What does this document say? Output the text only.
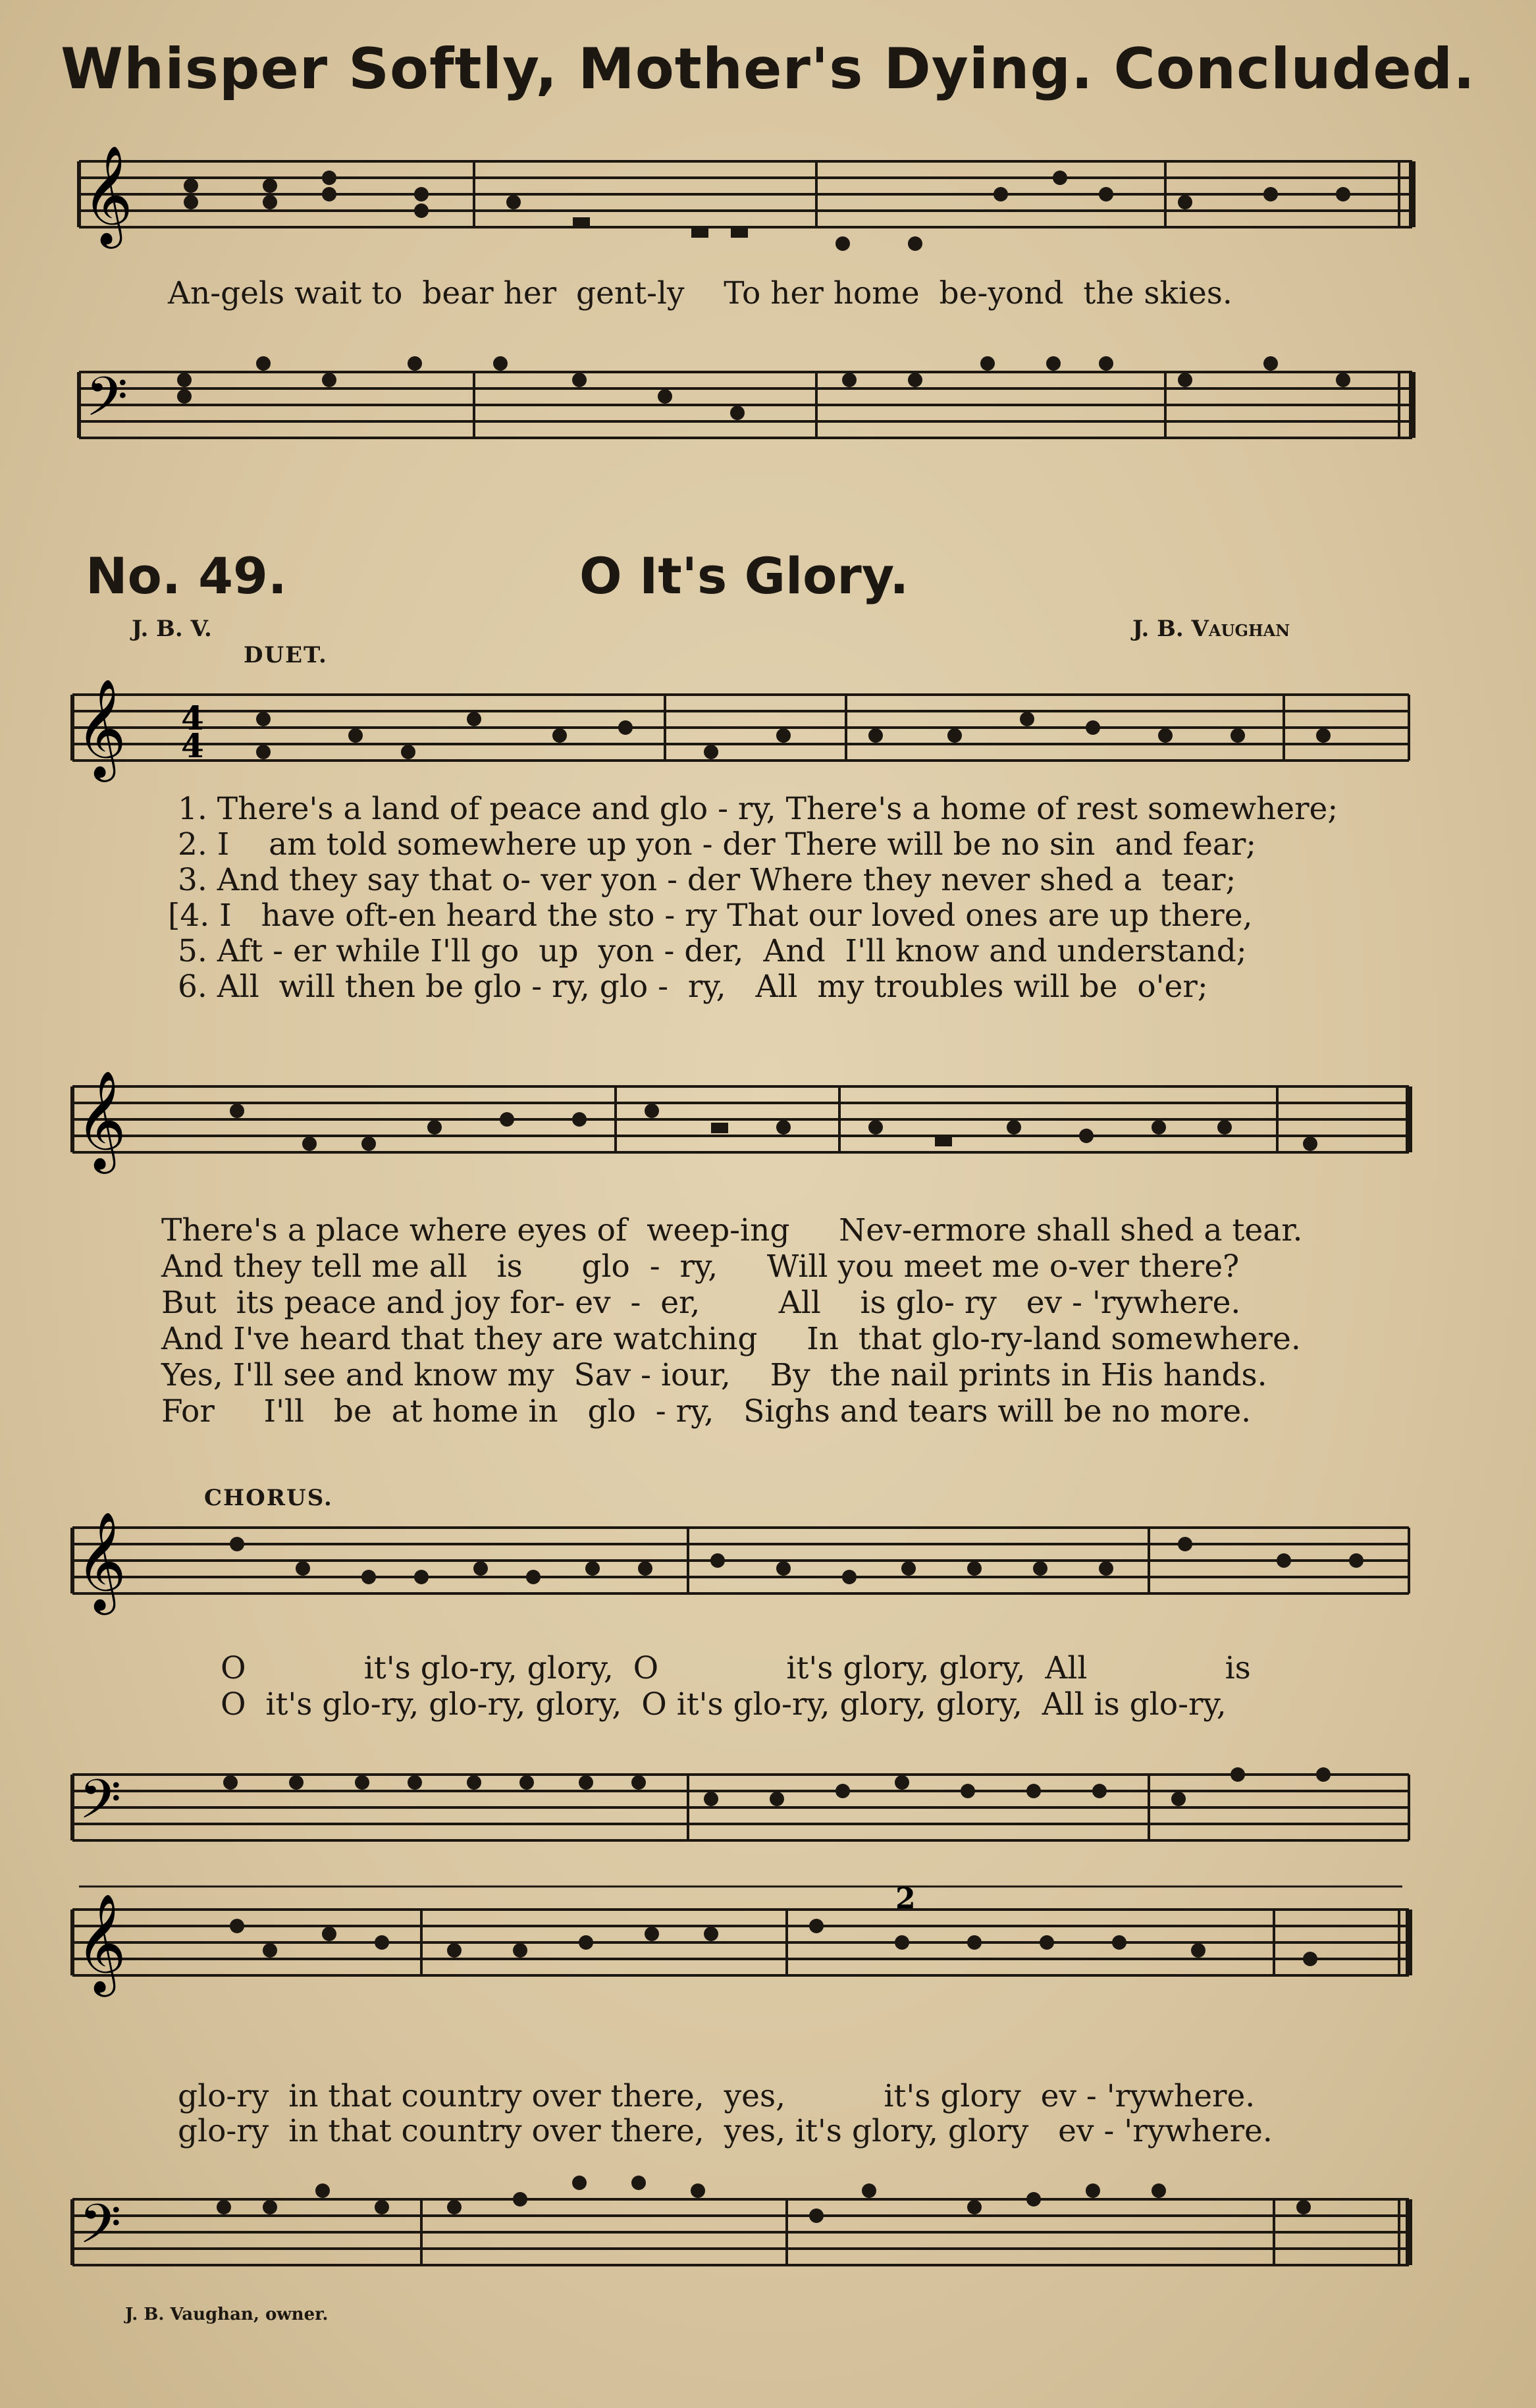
Whisper Softly, Mother's Dying. Concluded.
𝄞
An-gels wait to  bear her  gent-ly    To her home  be-yond  the skies.
𝄢
No. 49.	O It's Glory.
J. B. V.	J. B. Vaughan
DUET.
𝄞 4
4
1. There's a land of peace and glo - ry, There's a home of rest somewhere;
2. I    am told somewhere up yon - der There will be no sin  and fear;
3. And they say that o- ver yon - der Where they never shed a  tear;
[4. I   have oft-en heard the sto - ry That our loved ones are up there,
5. Aft - er while I'll go  up  yon - der,  And  I'll know and understand;
6. All  will then be glo - ry, glo -  ry,   All  my troubles will be  o'er;
𝄞
There's a place where eyes of  weep-ing     Nev-ermore shall shed a tear.
And they tell me all   is      glo  -  ry,     Will you meet me o-ver there?
But  its peace and joy for- ev  -  er,        All    is glo- ry   ev - 'rywhere.
And I've heard that they are watching     In  that glo-ry-land somewhere.
Yes, I'll see and know my  Sav - iour,    By  the nail prints in His hands.
For     I'll   be  at home in   glo  - ry,   Sighs and tears will be no more.
CHORUS.
𝄞
O            it's glo-ry, glory,  O             it's glory, glory,  All              is
O  it's glo-ry, glo-ry, glory,  O it's glo-ry, glory, glory,  All is glo-ry,
𝄢
2
𝄞
glo-ry  in that country over there,  yes,          it's glory  ev - 'rywhere.
glo-ry  in that country over there,  yes, it's glory, glory   ev - 'rywhere.
𝄢
J. B. Vaughan, owner.
